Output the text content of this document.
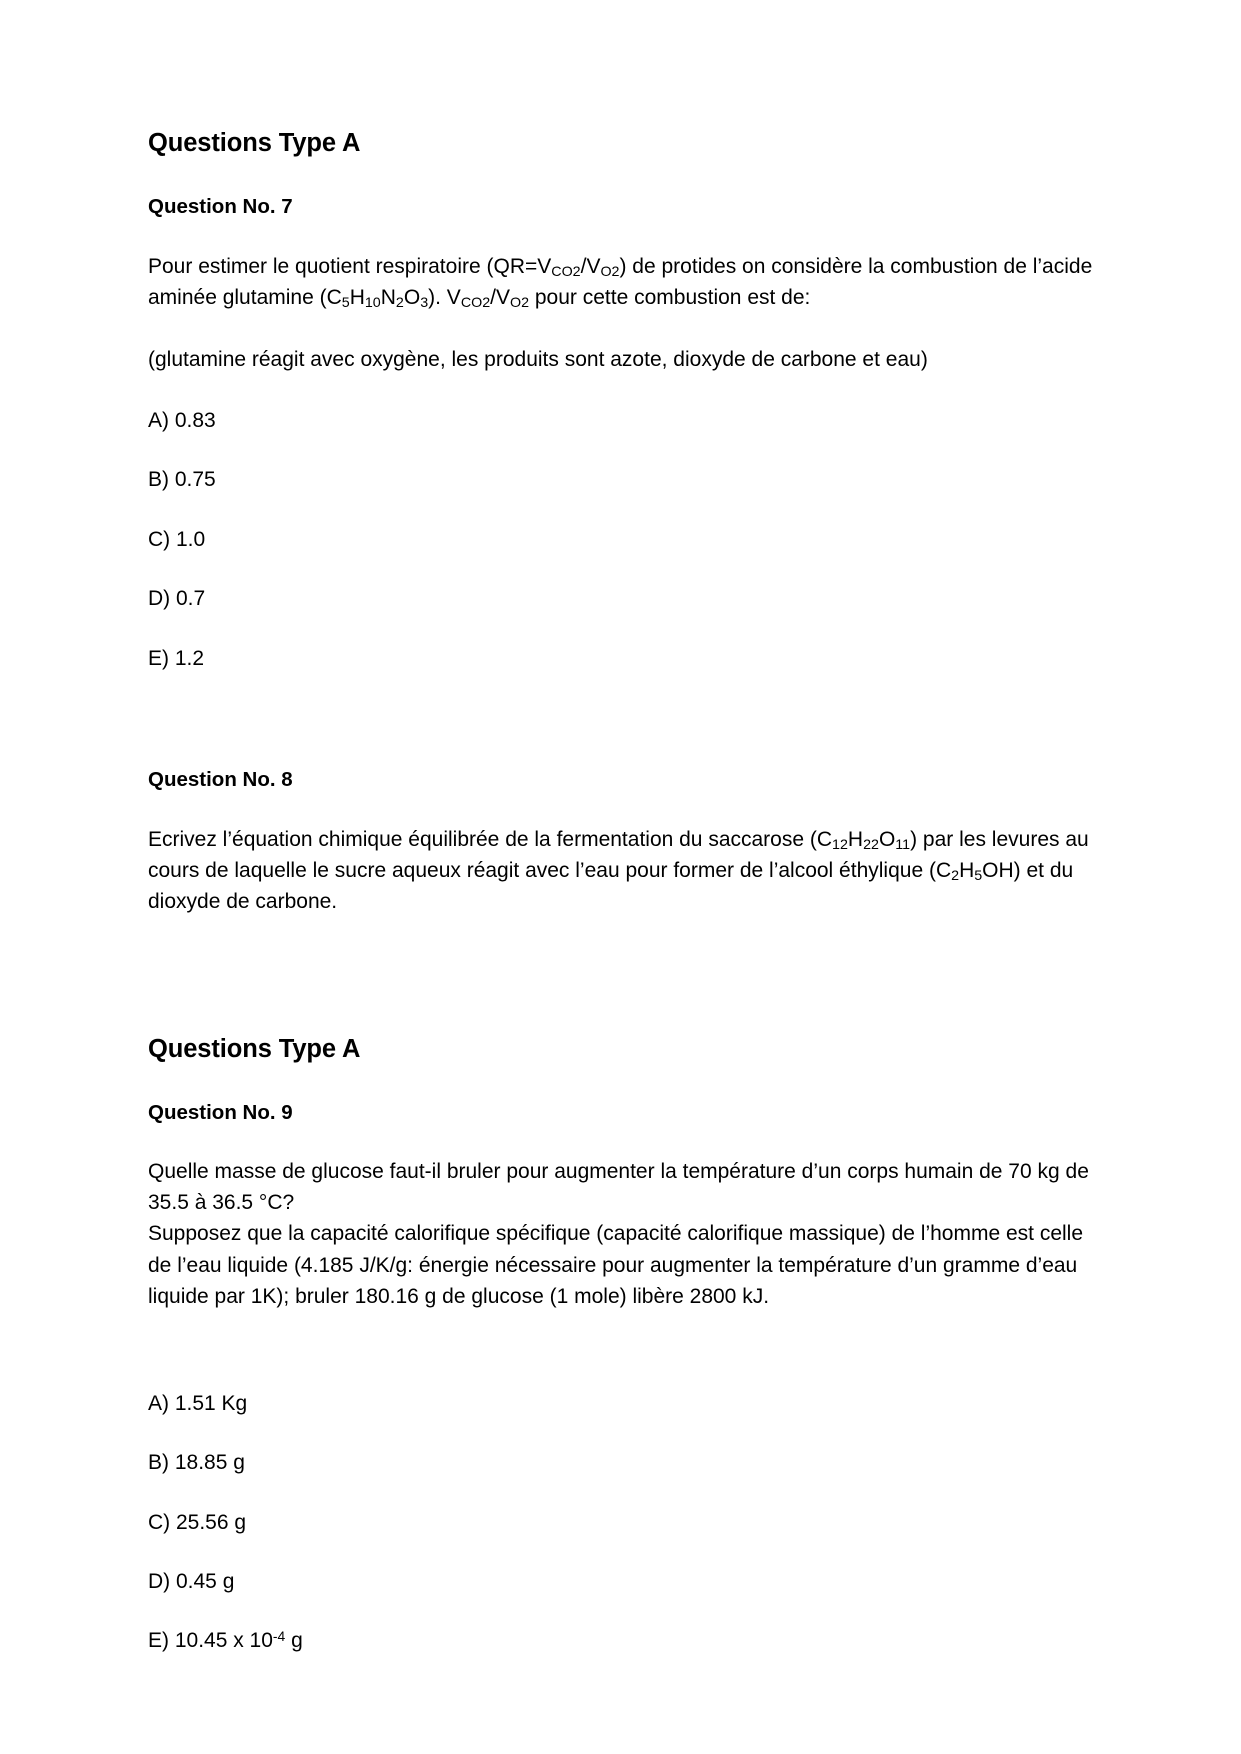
Questions Type A
Question No. 7

Pour estimer le quotient respiratoire $(QR=V_{CO2}/V_{O2})$ de protides on considère la combustion de l’acide aminée glutamine $(C_5H_{10}N_2O_3)$. $V_{CO2}/V_{O2}$ pour cette combustion est de:

(glutamine réagit avec oxygène, les produits sont azote, dioxyde de carbone et eau)

A) 0.83

B) 0.75

C) 1.0

D) 0.7

E) 1.2

Question No. 8

Ecrivez l’équation chimique équilibrée de la fermentation du saccarose $(C_{12}H_{22}O_{11})$ par les levures au cours de laquelle le sucre aqueux réagit avec l’eau pour former de l’alcool éthylique $(C_2H_5OH)$ et du dioxyde de carbone.

Questions Type A
Question No. 9

Quelle masse de glucose faut-il bruler pour augmenter la température d’un corps humain de 70 kg de 35.5 à 36.5 °C?

Supposez que la capacité calorifique spécifique (capacité calorifique massique) de l’homme est celle de l’eau liquide (4.185 J/K/g: énergie nécessaire pour augmenter la température d’un gramme d’eau liquide par 1K); bruler 180.16 g de glucose (1 mole) libère 2800 kJ.

A) 1.51 Kg

B) 18.85 g

C) 25.56 g

D) 0.45 g

E) 10.45 x $10^{-4}$ g
